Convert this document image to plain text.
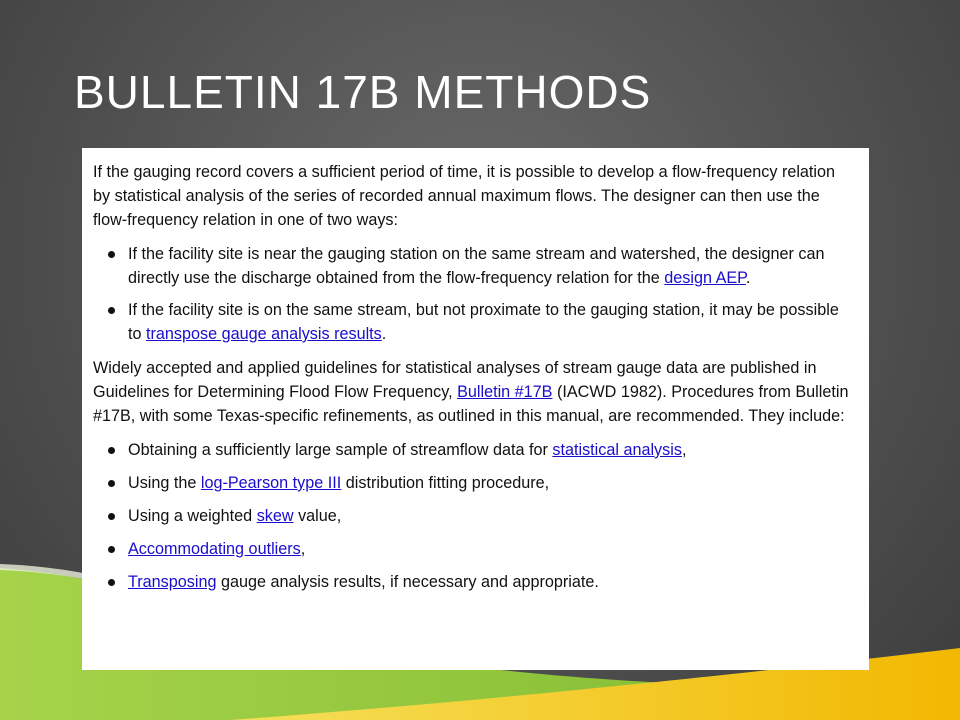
BULLETIN 17B METHODS

If the gauging record covers a sufficient period of time, it is possible to develop a flow-frequency relation by statistical analysis of the series of recorded annual maximum flows. The designer can then use the flow-frequency relation in one of two ways:

If the facility site is near the gauging station on the same stream and watershed, the designer can directly use the discharge obtained from the flow-frequency relation for the design AEP.
If the facility site is on the same stream, but not proximate to the gauging station, it may be possible to transpose gauge analysis results.

Widely accepted and applied guidelines for statistical analyses of stream gauge data are published in Guidelines for Determining Flood Flow Frequency, Bulletin #17B (IACWD 1982). Procedures from Bulletin #17B, with some Texas-specific refinements, as outlined in this manual, are recommended. They include:

Obtaining a sufficiently large sample of streamflow data for statistical analysis,
Using the log-Pearson type III distribution fitting procedure,
Using a weighted skew value,
Accommodating outliers,
Transposing gauge analysis results, if necessary and appropriate.
